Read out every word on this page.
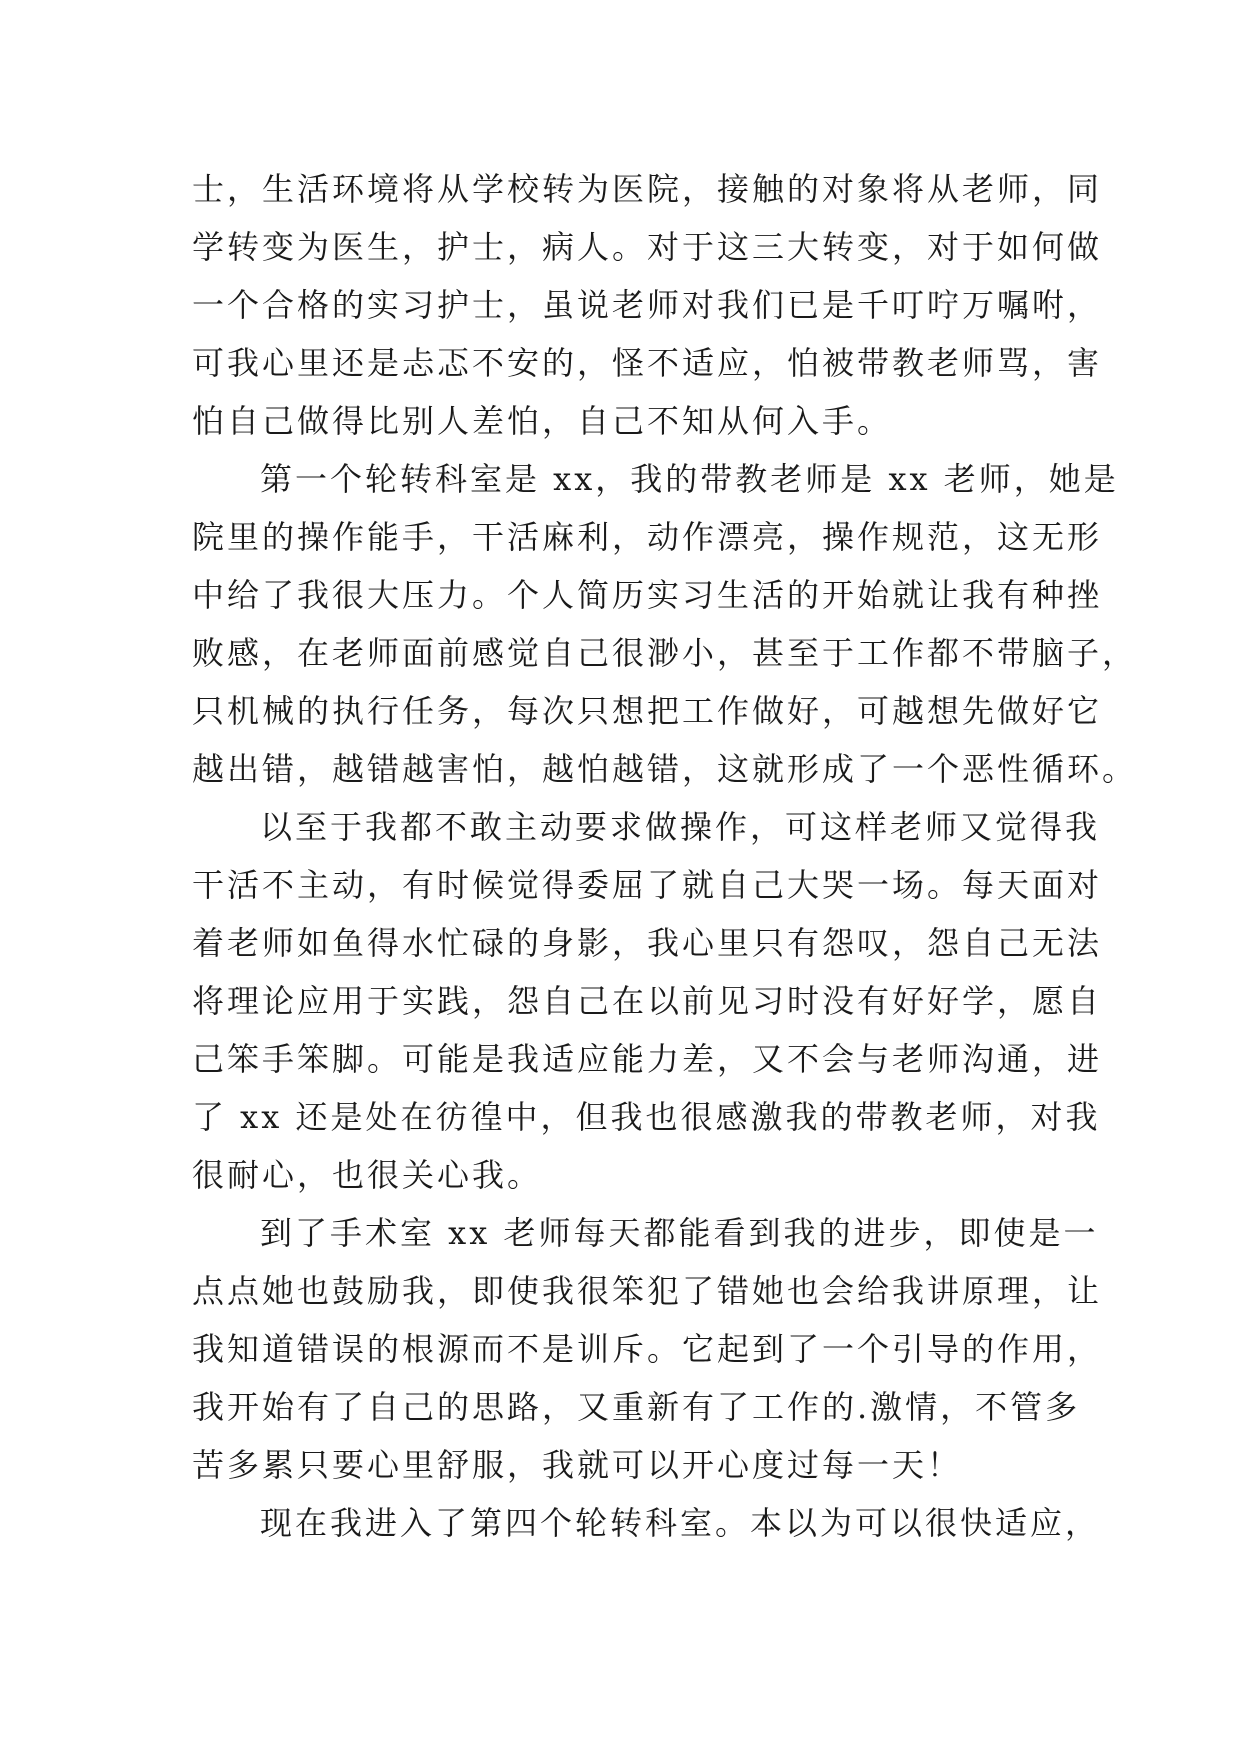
士，生活环境将从学校转为医院，接触的对象将从老师，同
学转变为医生，护士，病人。对于这三大转变，对于如何做
一个合格的实习护士，虽说老师对我们已是千叮咛万嘱咐，
可我心里还是忐忑不安的，怪不适应，怕被带教老师骂，害
怕自己做得比别人差怕，自己不知从何入手。
第一个轮转科室是 xx，我的带教老师是 xx 老师，她是
院里的操作能手，干活麻利，动作漂亮，操作规范，这无形
中给了我很大压力。个人简历实习生活的开始就让我有种挫
败感，在老师面前感觉自己很渺小，甚至于工作都不带脑子，
只机械的执行任务，每次只想把工作做好，可越想先做好它
越出错，越错越害怕，越怕越错，这就形成了一个恶性循环。
以至于我都不敢主动要求做操作，可这样老师又觉得我
干活不主动，有时候觉得委屈了就自己大哭一场。每天面对
着老师如鱼得水忙碌的身影，我心里只有怨叹，怨自己无法
将理论应用于实践，怨自己在以前见习时没有好好学，愿自
己笨手笨脚。可能是我适应能力差，又不会与老师沟通，进
了 xx 还是处在彷徨中，但我也很感激我的带教老师，对我
很耐心，也很关心我。
到了手术室 xx 老师每天都能看到我的进步，即使是一
点点她也鼓励我，即使我很笨犯了错她也会给我讲原理，让
我知道错误的根源而不是训斥。它起到了一个引导的作用，
我开始有了自己的思路，又重新有了工作的.激情，不管多
苦多累只要心里舒服，我就可以开心度过每一天！
现在我进入了第四个轮转科室。本以为可以很快适应，
